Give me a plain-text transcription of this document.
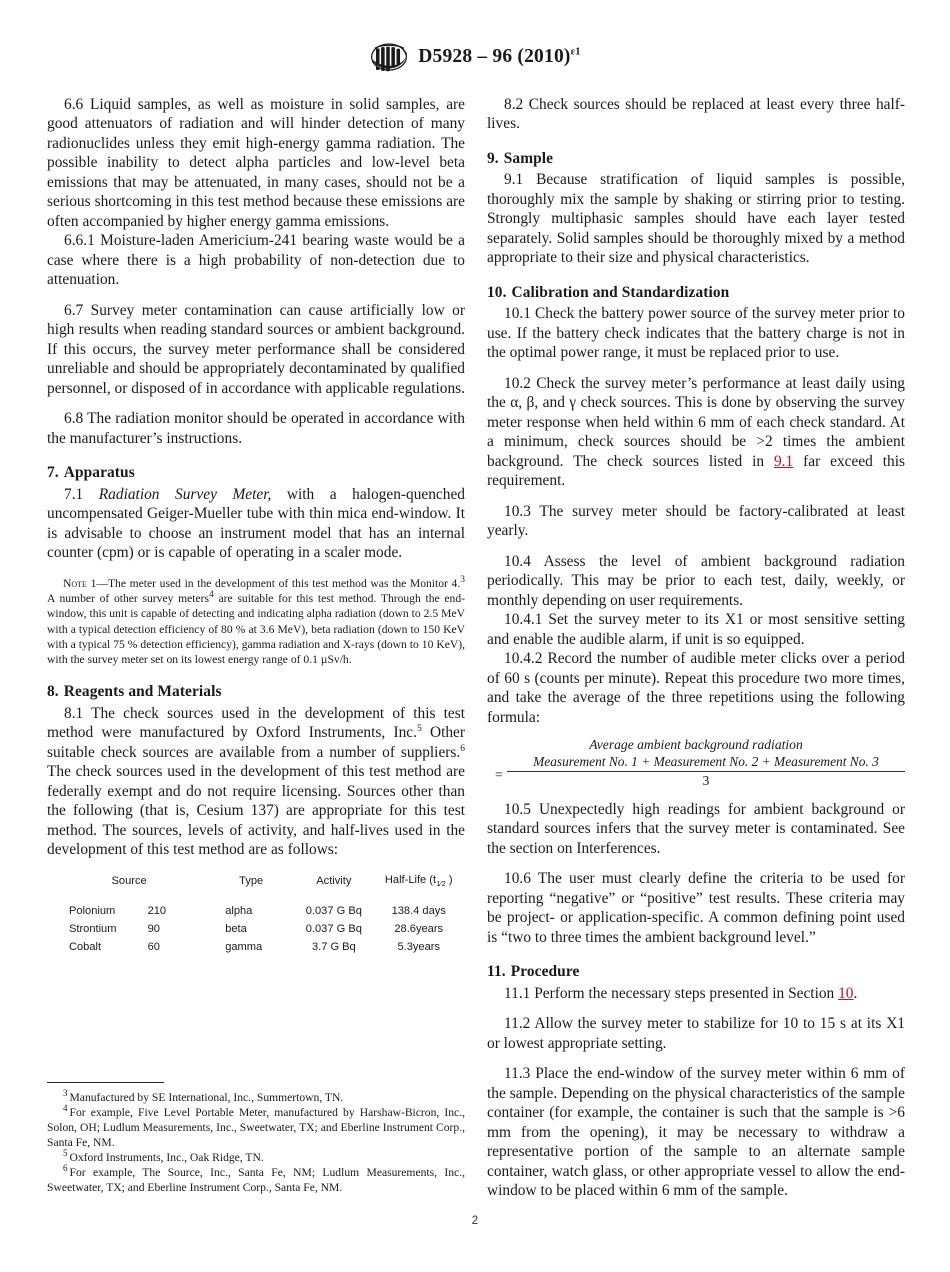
D5928 – 96 $(2010)^{\varepsilon 1}$

6.6 Liquid samples, as well as moisture in solid samples, are good attenuators of radiation and will hinder detection of many radionuclides unless they emit high-energy gamma radiation. The possible inability to detect alpha particles and low-level beta emissions that may be attenuated, in many cases, should not be a serious shortcoming in this test method because these emissions are often accompanied by higher energy gamma emissions.

6.6.1 Moisture-laden Americium-241 bearing waste would be a case where there is a high probability of non-detection due to attenuation.

6.7 Survey meter contamination can cause artificially low or high results when reading standard sources or ambient background. If this occurs, the survey meter performance shall be considered unreliable and should be appropriately decontaminated by qualified personnel, or disposed of in accordance with applicable regulations.

6.8 The radiation monitor should be operated in accordance with the manufacturer’s instructions.

7. Apparatus

7.1 Radiation Survey Meter, with a halogen-quenched uncompensated Geiger-Mueller tube with thin mica end-window. It is advisable to choose an instrument model that has an internal counter (cpm) or is capable of operating in a scaler mode.

Note 1—The meter used in the development of this test method was the Monitor 4.$^3$ A number of other survey meters$^4$ are suitable for this test method. Through the end-window, this unit is capable of detecting and indicating alpha radiation (down to 2.5 MeV with a typical detection efficiency of 80 % at 3.6 MeV), beta radiation (down to 150 KeV with a typical 75 % detection efficiency), gamma radiation and X-rays (down to 10 KeV), with the survey meter set on its lowest energy range of 0.1 µSv/h.

8. Reagents and Materials

8.1 The check sources used in the development of this test method were manufactured by Oxford Instruments, Inc.$^5$ Other suitable check sources are available from a number of suppliers.$^6$ The check sources used in the development of this test method are federally exempt and do not require licensing. Sources other than the following (that is, Cesium 137) are appropriate for this test method. The sources, levels of activity, and half-lives used in the development of this test method are as follows:

Source		Type	Activity	Half-Life ($t_{1⁄2}$ )
Polonium	210	alpha	0.037 G Bq	138.4 days
Strontium	90	beta	0.037 G Bq	28.6years
Cobalt	60	gamma	3.7 G Bq	5.3years

$^3$ Manufactured by SE International, Inc., Summertown, TN.

$^4$ For example, Five Level Portable Meter, manufactured by Harshaw-Bicron, Inc., Solon, OH; Ludlum Measurements, Inc., Sweetwater, TX; and Eberline Instrument Corp., Santa Fe, NM.

$^5$ Oxford Instruments, Inc., Oak Ridge, TN.

$^6$ For example, The Source, Inc., Santa Fe, NM; Ludlum Measurements, Inc., Sweetwater, TX; and Eberline Instrument Corp., Santa Fe, NM.

8.2 Check sources should be replaced at least every three half-lives.

9. Sample

9.1 Because stratification of liquid samples is possible, thoroughly mix the sample by shaking or stirring prior to testing. Strongly multiphasic samples should have each layer tested separately. Solid samples should be thoroughly mixed by a method appropriate to their size and physical characteristics.

10. Calibration and Standardization

10.1 Check the battery power source of the survey meter prior to use. If the battery check indicates that the battery charge is not in the optimal power range, it must be replaced prior to use.

10.2 Check the survey meter’s performance at least daily using the α, β, and γ check sources. This is done by observing the survey meter response when held within 6 mm of each check standard. At a minimum, check sources should be >2 times the ambient background. The check sources listed in 9.1 far exceed this requirement.

10.3 The survey meter should be factory-calibrated at least yearly.

10.4 Assess the level of ambient background radiation periodically. This may be prior to each test, daily, weekly, or monthly depending on user requirements.

10.4.1 Set the survey meter to its X1 or most sensitive setting and enable the audible alarm, if unit is so equipped.

10.4.2 Record the number of audible meter clicks over a period of 60 s (counts per minute). Repeat this procedure two more times, and take the average of the three repetitions using the following formula:

Average ambient background radiation
=
Measurement No. 1 + Measurement No. 2 + Measurement No. 3
3

10.5 Unexpectedly high readings for ambient background or standard sources infers that the survey meter is contaminated. See the section on Interferences.

10.6 The user must clearly define the criteria to be used for reporting “negative” or “positive” test results. These criteria may be project- or application-specific. A common defining point used is “two to three times the ambient background level.”

11. Procedure

11.1 Perform the necessary steps presented in Section 10.

11.2 Allow the survey meter to stabilize for 10 to 15 s at its X1 or lowest appropriate setting.

11.3 Place the end-window of the survey meter within 6 mm of the sample. Depending on the physical characteristics of the sample container (for example, the container is such that the sample is >6 mm from the opening), it may be necessary to withdraw a representative portion of the sample to an alternate sample container, watch glass, or other appropriate vessel to allow the end-window to be placed within 6 mm of the sample.

2
